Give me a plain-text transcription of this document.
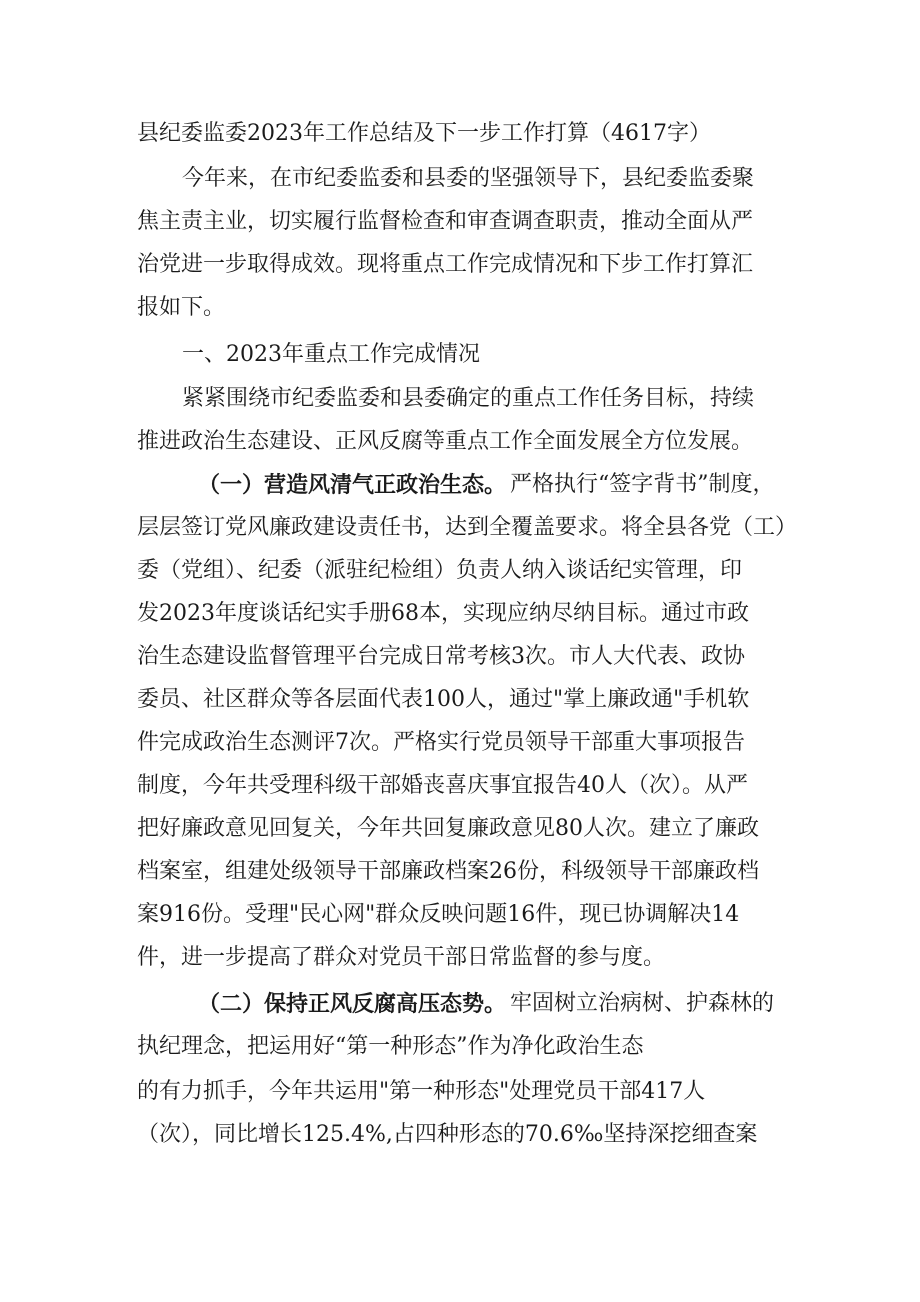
县纪委监委2023年工作总结及下一步工作打算（4617字）
今年来，在市纪委监委和县委的坚强领导下，县纪委监委聚
焦主责主业，切实履行监督检查和审查调查职责，推动全面从严
治党进一步取得成效。现将重点工作完成情况和下步工作打算汇
报如下。
一、2023年重点工作完成情况
紧紧围绕市纪委监委和县委确定的重点工作任务目标，持续
推进政治生态建设、正风反腐等重点工作全面发展全方位发展。
（一）营造风清气正政治生态。 严格执行“签字背书”制度，
层层签订党风廉政建设责任书，达到全覆盖要求。将全县各党（工）
委（党组）、纪委（派驻纪检组）负责人纳入谈话纪实管理，印
发2023年度谈话纪实手册68本，实现应纳尽纳目标。通过市政
治生态建设监督管理平台完成日常考核3次。市人大代表、政协
委员、社区群众等各层面代表100人，通过"掌上廉政通"手机软
件完成政治生态测评7次。严格实行党员领导干部重大事项报告
制度，今年共受理科级干部婚丧喜庆事宜报告40人（次）。从严
把好廉政意见回复关，今年共回复廉政意见80人次。建立了廉政
档案室，组建处级领导干部廉政档案26份，科级领导干部廉政档
案916份。受理"民心网"群众反映问题16件，现已协调解决14
件，进一步提高了群众对党员干部日常监督的参与度。
（二）保持正风反腐高压态势。 牢固树立治病树、护森林的
执纪理念，把运用好“第一种形态”作为净化政治生态
的有力抓手，今年共运用"第一种形态"处理党员干部417人
（次），同比增长125.4%,占四种形态的70.6‰坚持深挖细查案
